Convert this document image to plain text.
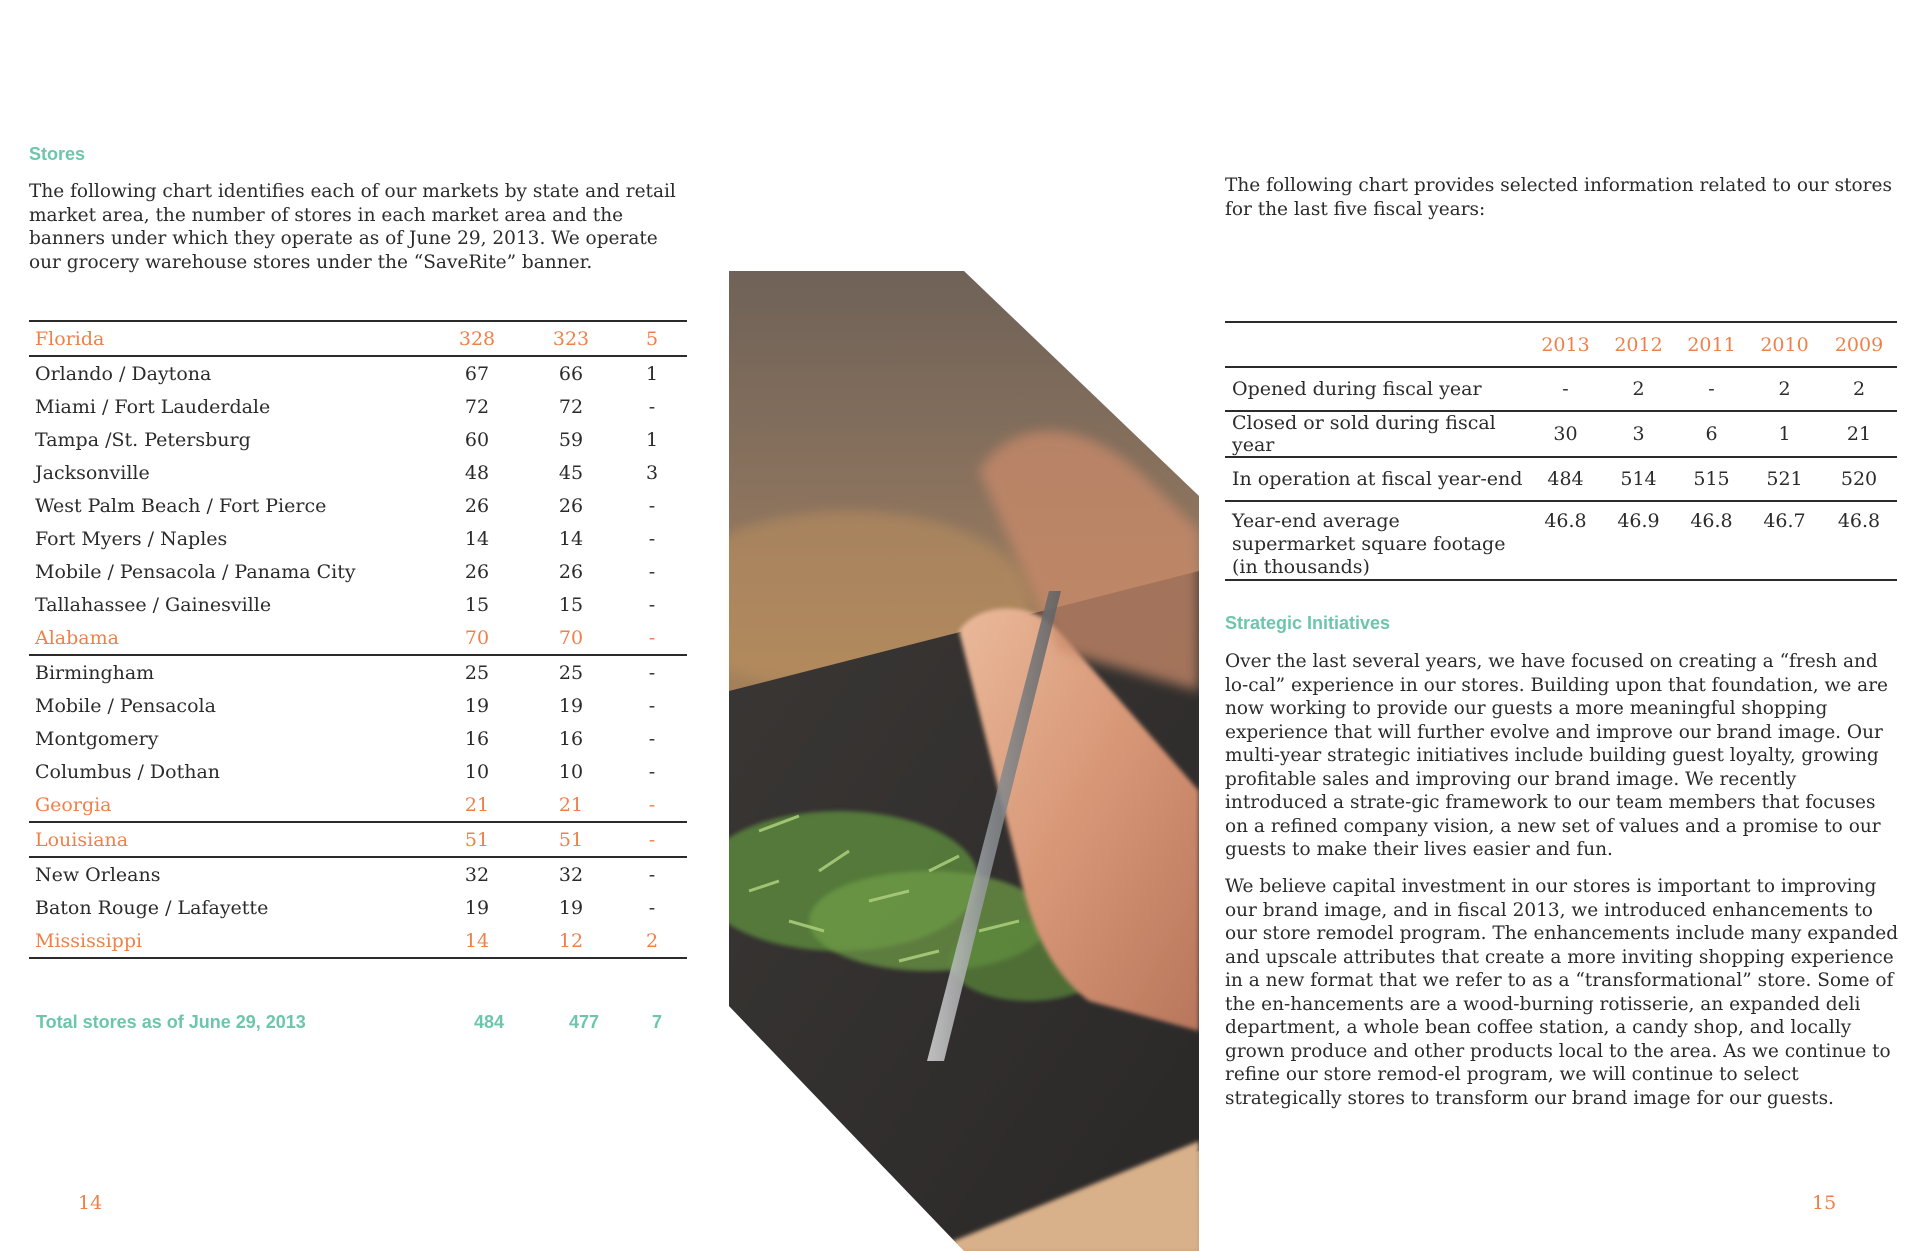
Stores

The following chart identifies each of our markets by state and retail market area, the number of stores in each market area and the banners under which they operate as of June 29, 2013. We operate our grocery warehouse stores under the “SaveRite” banner.

Florida	328	323	5
Orlando / Daytona	67	66	1
Miami / Fort Lauderdale	72	72	-
Tampa /St. Petersburg	60	59	1
Jacksonville	48	45	3
West Palm Beach / Fort Pierce	26	26	-
Fort Myers / Naples	14	14	-
Mobile / Pensacola / Panama City	26	26	-
Tallahassee / Gainesville	15	15	-
Alabama	70	70	-
Birmingham	25	25	-
Mobile / Pensacola	19	19	-
Montgomery	16	16	-
Columbus / Dothan	10	10	-
Georgia	21	21	-
Louisiana	51	51	-
New Orleans	32	32	-
Baton Rouge / Lafayette	19	19	-
Mississippi	14	12	2
Total stores as of June 29, 2013	484	477	7
14

The following chart provides selected information related to our stores for the last five fiscal years:

	2013	2012	2011	2010	2009
Opened during fiscal year	-	2	-	2	2
Closed or sold during fiscal year	30	3	6	1	21
In operation at fiscal year-end	484	514	515	521	520
Year-end average supermarket square footage (in thousands)	46.8	46.9	46.8	46.7	46.8
Strategic Initiatives

Over the last several years, we have focused on creating a “fresh and lo-cal” experience in our stores. Building upon that foundation, we are now working to provide our guests a more meaningful shopping experience that will further evolve and improve our brand image. Our multi-year strategic initiatives include building guest loyalty, growing profitable sales and improving our brand image. We recently introduced a strate-gic framework to our team members that focuses on a refined company vision, a new set of values and a promise to our guests to make their lives easier and fun.

We believe capital investment in our stores is important to improving our brand image, and in fiscal 2013, we introduced enhancements to our store remodel program. The enhancements include many expanded and upscale attributes that create a more inviting shopping experience in a new format that we refer to as a “transformational” store. Some of the en-hancements are a wood-burning rotisserie, an expanded deli department, a whole bean coffee station, a candy shop, and locally grown produce and other products local to the area. As we continue to refine our store remod-el program, we will continue to select strategically stores to transform our brand image for our guests.

15
